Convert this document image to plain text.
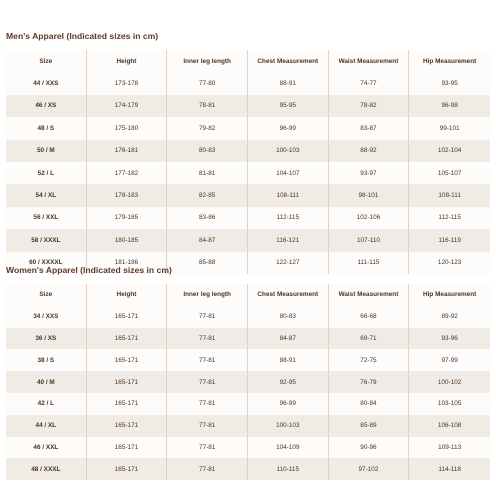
Men's Apparel (Indicated sizes in cm)
Size	Height	Inner leg length	Chest Measurement	Waist Measurement	Hip Measurement
44 / XXS	173-178	77-80	88-91	74-77	93-95
46 / XS	174-179	78-81	95-95	78-82	96-98
48 / S	175-180	79-82	96-99	83-87	99-101
50 / M	176-181	80-83	100-103	88-92	102-104
52 / L	177-182	81-81	104-107	93-97	105-107
54 / XL	178-183	82-85	108-111	98-101	108-111
56 / XXL	179-185	83-86	112-115	102-106	112-115
58 / XXXL	180-185	84-87	116-121	107-110	116-119
60 / XXXXL	181-186	85-88	122-127	111-115	120-123
Women's Apparel (Indicated sizes in cm)
Size	Height	Inner leg length	Chest Measurement	Waist Measurement	Hip Measurement
34 / XXS	165-171	77-81	80-83	66-68	89-92
36 / XS	165-171	77-81	84-87	69-71	93-96
38 / S	165-171	77-81	88-91	72-75	97-99
40 / M	165-171	77-81	92-95	76-79	100-102
42 / L	165-171	77-81	96-99	80-84	103-105
44 / XL	165-171	77-81	100-103	85-89	106-108
46 / XXL	165-171	77-81	104-109	90-96	109-113
48 / XXXL	165-171	77-81	110-115	97-102	114-118
